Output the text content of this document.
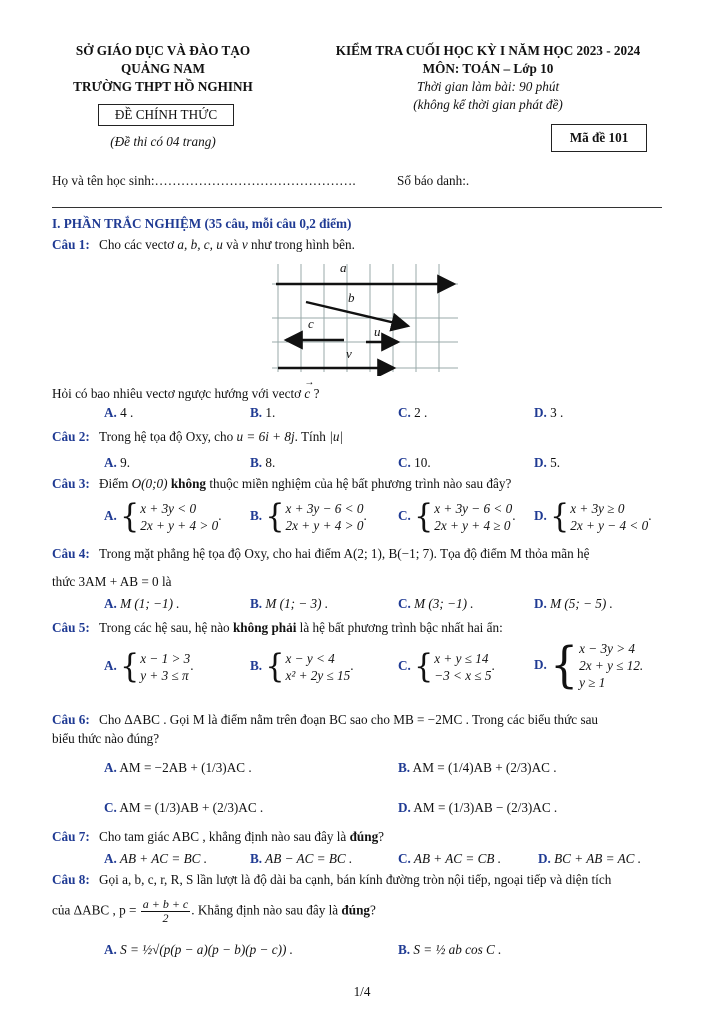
SỞ GIÁO DỤC VÀ ĐÀO TẠO
QUẢNG NAM
TRƯỜNG THPT HỒ NGHINH
ĐỀ CHÍNH THỨC
(Đề thi có 04 trang)
KIỂM TRA CUỐI HỌC KỲ I NĂM HỌC 2023 - 2024
MÔN: TOÁN – Lớp 10
Thời gian làm bài: 90 phút
(không kể thời gian phát đề)
Mã đề 101
Họ và tên học sinh:……………………………………….	Số báo danh:.
I. PHẦN TRẮC NGHIỆM (35 câu, mỗi câu 0,2 điểm)
Câu 1: Cho các vectơ a, b, c, u và v như trong hình bên.
a
b
c
u
v
Hỏi có bao nhiêu vectơ ngược hướng với vectơ → c ?
A. 4 .	B. 1.	C. 2 .	D. 3 .
Câu 2: Trong hệ tọa độ Oxy, cho u = 6i + 8j. Tính |u|
A. 9.	B. 8.	C. 10.	D. 5.
Câu 3: Điểm O(0;0) không thuộc miền nghiệm của hệ bất phương trình nào sau đây?
A. { x + 3y < 0
2x + y + 4 > 0
. B. { x + 3y − 6 < 0
2x + y + 4 > 0
. C. { x + 3y − 6 < 0
2x + y + 4 ≥ 0
. D. { x + 3y ≥ 0
2x + y − 4 < 0
.
Câu 4: Trong mặt phẳng hệ tọa độ Oxy, cho hai điểm A(2; 1), B(−1; 7). Tọa độ điểm M thỏa mãn hệ
thức 3AM + AB = 0 là
A. M (1; −1) .	B. M (1; − 3) .	C. M (3; −1) .	D. M (5; − 5) .
Câu 5: Trong các hệ sau, hệ nào không phải là hệ bất phương trình bậc nhất hai ẩn:
A. { x − 1 > 3
y + 3 ≤ π
.	B. { x − y < 4
x² + 2y ≤ 15
.	C. { x + y ≤ 14
−3 < x ≤ 5
.	D. { x − 3y > 4
2x + y ≤ 12.
y ≥ 1
Câu 6: Cho ΔABC . Gọi M là điểm nằm trên đoạn BC sao cho MB = −2MC . Trong các biểu thức sau
biểu thức nào đúng?
A. AM = −2AB + (1/3)AC .	B. AM = (1/4)AB + (2/3)AC .
C. AM = (1/3)AB + (2/3)AC .	D. AM = (1/3)AB − (2/3)AC .
Câu 7: Cho tam giác ABC , khẳng định nào sau đây là đúng?
A. AB + AC = BC .	B. AB − AC = BC .	C. AB + AC = CB .	D. BC + AB = AC .
Câu 8: Gọi a, b, c, r, R, S lần lượt là độ dài ba cạnh, bán kính đường tròn nội tiếp, ngoại tiếp và diện tích
của ΔABC , $p = \frac{a + b + c}{2}$ . Khẳng định nào sau đây là đúng?
A. S = ½√(p(p − a)(p − b)(p − c)) .	B. S = ½ ab cos C .
1/4
